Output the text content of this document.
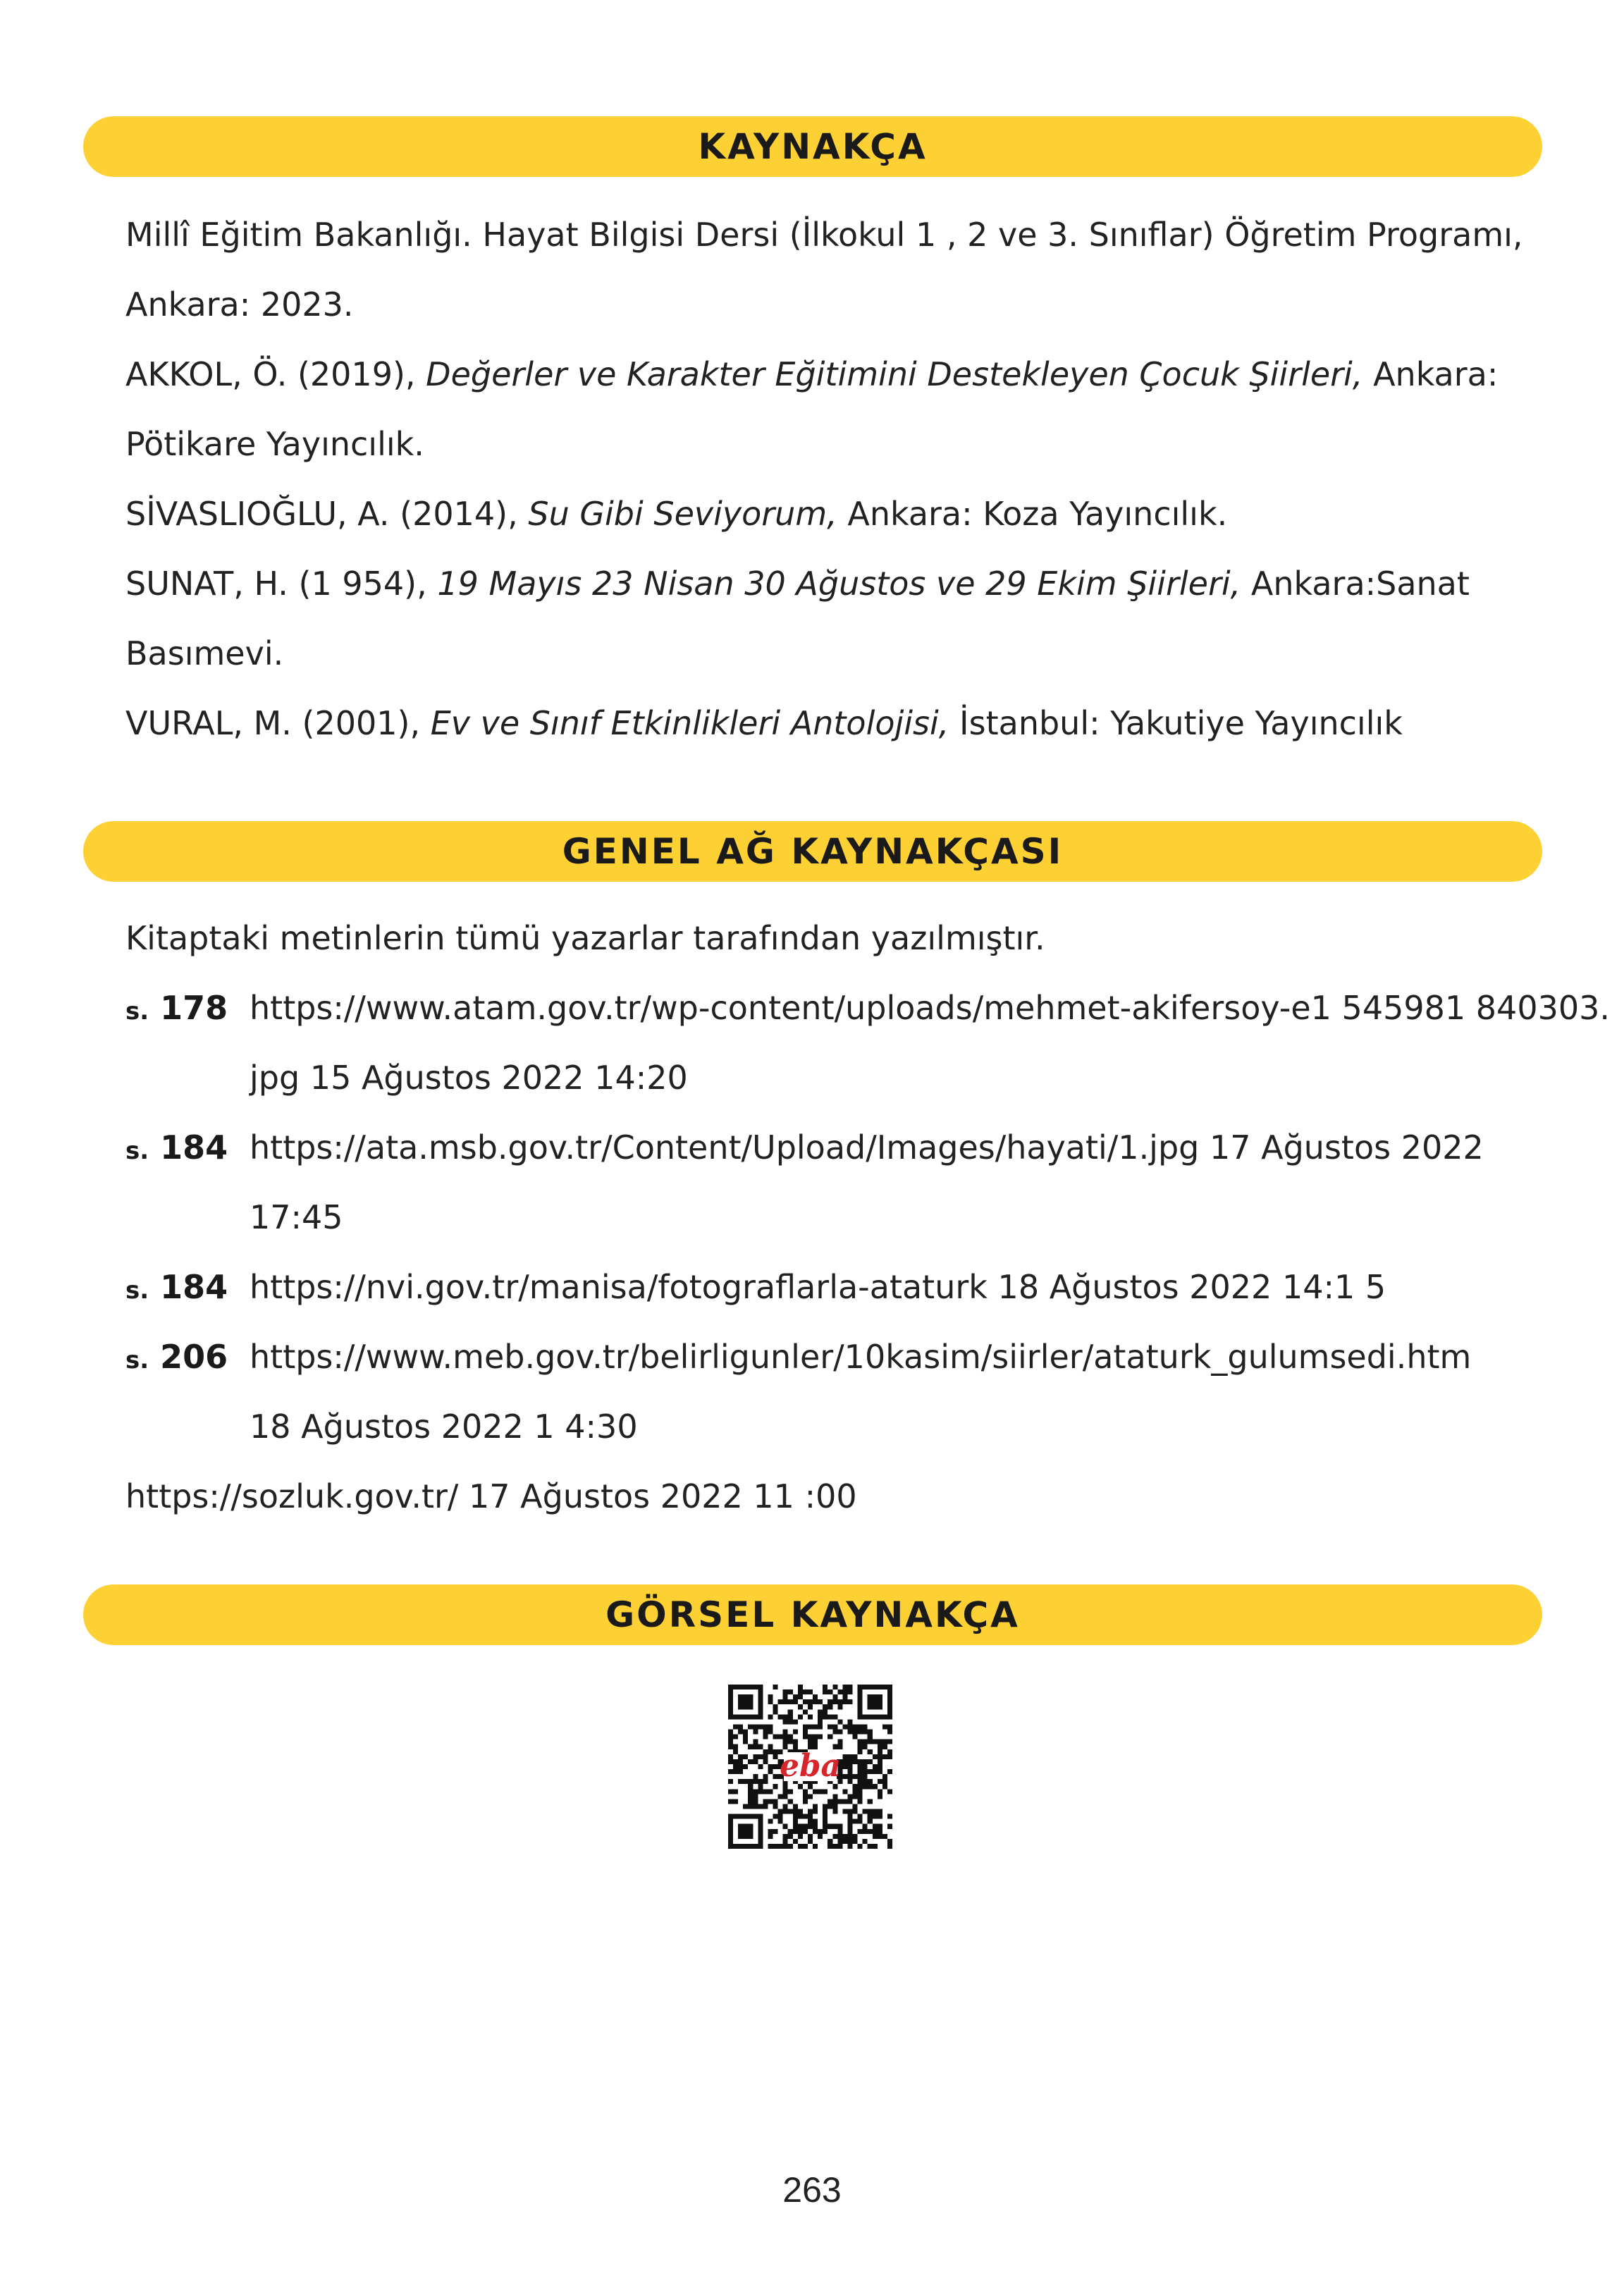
KAYNAKÇA
Millî Eğitim Bakanlığı. Hayat Bilgisi Dersi (İlkokul 1 , 2 ve 3. Sınıflar) Öğretim Programı,
Ankara: 2023.
AKKOL, Ö. (2019), Değerler ve Karakter Eğitimini Destekleyen Çocuk Şiirleri, Ankara:
Pötikare Yayıncılık.
SİVASLIOĞLU, A. (2014), Su Gibi Seviyorum, Ankara: Koza Yayıncılık.
SUNAT, H. (1 954), 19 Mayıs 23 Nisan 30 Ağustos ve 29 Ekim Şiirleri, Ankara:Sanat
Basımevi.
VURAL, M. (2001), Ev ve Sınıf Etkinlikleri Antolojisi, İstanbul: Yakutiye Yayıncılık
GENEL AĞ KAYNAKÇASI
Kitaptaki metinlerin tümü yazarlar tarafından yazılmıştır.
s. 178 https://www.atam.gov.tr/wp-content/uploads/mehmet-akifersoy-e1 545981 840303.
jpg 15 Ağustos 2022 14:20
s. 184 https://ata.msb.gov.tr/Content/Upload/Images/hayati/1.jpg 17 Ağustos 2022
17:45
s. 184 https://nvi.gov.tr/manisa/fotograflarla-ataturk 18 Ağustos 2022 14:1 5
s. 206 https://www.meb.gov.tr/belirligunler/10kasim/siirler/ataturk_gulumsedi.htm
18 Ağustos 2022 1 4:30
https://sozluk.gov.tr/ 17 Ağustos 2022 11 :00
GÖRSEL KAYNAKÇA
eba
263
